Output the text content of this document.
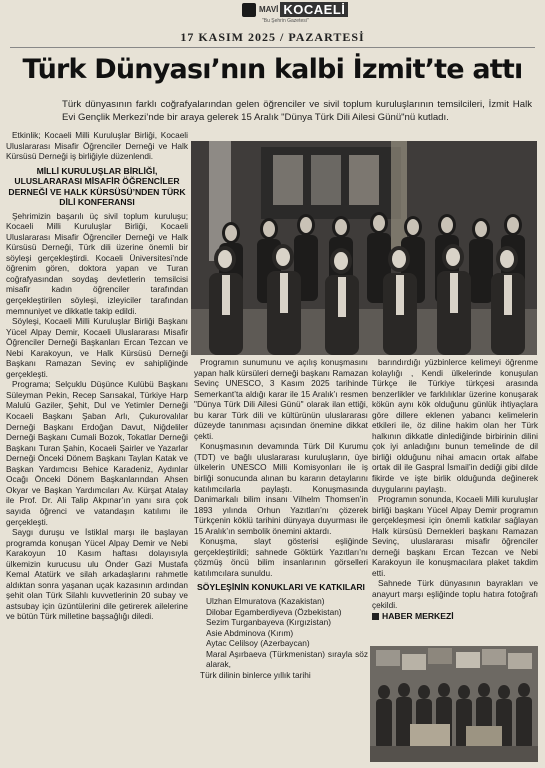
MAVİ KOCAELİ
"Bu Şehrin Gazetesi"
17 KASIM 2025 / PAZARTESİ
Türk Dünyası’nın kalbi İzmit’te attı
Türk dünyasının farklı coğrafyalarından gelen öğrenciler ve sivil toplum kuruluşlarının temsilcileri, İzmit Halk Evi Gençlik Merkezi’nde bir araya gelerek 15 Aralık "Dünya Türk Dili Ailesi Günü"nü kutladı.

Etkinlik; Kocaeli Milli Kuruluşlar Birliği, Kocaeli Uluslararası Misafir Öğrenciler Derneği ve Halk Kürsüsü Derneği iş birliğiyle düzenlendi.

MİLLİ KURULUŞLAR BİRLİĞİ, ULUSLARARASI MİSAFİR ÖĞRENCİLER DERNEĞİ VE HALK KÜRSÜSÜ’NDEN TÜRK DİLİ KONFERANSI

Şehrimizin başarılı üç sivil toplum kuruluşu; Kocaeli Milli Kuruluşlar Birliği, Kocaeli Uluslararası Misafir Öğrenciler Derneği ve Halk Kürsüsü Derneği, Türk dili üzerine önemli bir söyleşi gerçekleştirdi. Kocaeli Üniversitesi’nde öğrenim gören, doktora yapan ve Turan coğrafyasından soydaş devletlerin temsilcisi misafir kadın öğrenciler tarafından gerçekleştirilen söyleşi, izleyiciler tarafından memnuniyet ve dikkatle takip edildi.

Söyleşi, Kocaeli Milli Kuruluşlar Birliği Başkanı Yücel Alpay Demir, Kocaeli Uluslararası Misafir Öğrenciler Derneği Başkanları Ercan Tezcan ve Nebi Karakoyun, ve Halk Kürsüsü Derneği Başkanı Ramazan Sevinç ev sahipliğinde gerçekleşti.

Programa; Selçuklu Düşünce Kulübü Başkanı Süleyman Pekin, Recep Sarısakal, Türkiye Harp Malulü Gaziler, Şehit, Dul ve Yetimler Derneği Kocaeli Başkanı Şaban Arlı, Çukurovalılar Derneği Başkanı Erdoğan Davut, Niğdeliler Derneği Başkanı Cumali Bozok, Tokatlar Derneği Başkanı Turan Şahin, Kocaeli Şairler ve Yazarlar Derneği Önceki Dönem Başkanı Taylan Katak ve Başkan Yardımcısı Behice Karadeniz, Aydınlar Ocağı Önceki Dönem Başkanlarından Ahsen Okyar ve Başkan Yardımcıları Av. Kürşat Atalay ile Prof. Dr. Ali Talip Akpınar’ın yanı sıra çok sayıda öğrenci ve vatandaşın katılımı ile gerçekleşti.

Saygı duruşu ve İstiklal marşı ile başlayan programda konuşan Yücel Alpay Demir ve Nebi Karakoyun 10 Kasım haftası dolayısıyla ülkemizin kurucusu ulu Önder Gazi Mustafa Kemal Atatürk ve silah arkadaşlarını rahmetle aldıktan sonra yaşanan uçak kazasının ardından şehit olan Türk Silahlı kuvvetlerinin 20 subay ve astsubay için üzüntülerini dile getirerek ailelerine ve bütün Türk milletine başsağlığı diledi.

Programın sunumunu ve açılış konuşmasını yapan halk kürsüleri derneği başkanı Ramazan Sevinç UNESCO, 3 Kasım 2025 tarihinde Semerkant’ta aldığı karar ile 15 Aralık’ı resmen "Dünya Türk Dili Ailesi Günü" olarak ilan ettiği, bu karar Türk dili ve kültürünün uluslararası düzeyde tanınması açısından önemine dikkat çekti.

Konuşmasının devamında Türk Dil Kurumu (TDT) ve bağlı uluslararası kuruluşların, üye ülkelerin UNESCO Milli Komisyonları ile iş birliği sonucunda alınan bu kararın detaylarını katılımcılarla paylaştı. Konuşmasında Danimarkalı bilim insanı Vilhelm Thomsen’in 1893 yılında Orhun Yazıtları’nı çözerek Türkçenin köklü tarihini dünyaya duyurması ile 15 Aralık’ın sembolik önemini aktardı.

Konuşma, slayt gösterisi eşliğinde gerçekleştirildi; sahnede Göktürk Yazıtları’nı çözmüş öncü bilim insanlarının görselleri katılımcılara sunuldu.

SÖYLEŞİNİN KONUKLARI VE KATKILARI

Ulzhan Elmuratova (Kazakistan)

Dilobar Egamberdiyeva (Özbekistan)

Sezim Turganbayeva (Kırgızistan)

Asie Abdminova (Kırım)

Aytac Celilsoy (Azerbaycan)

Maral Aşırbaeva (Türkmenistan) sırayla söz alarak,

Türk dilinin binlerce yıllık tarihi

barındırdığı yüzbinlerce kelimeyi öğrenme kolaylığı , Kendi ülkelerinde konuşulan Türkçe ile Türkiye türkçesi arasında benzerlikler ve farklılıklar üzerine konuşarak kökün aynı kök olduğunu günlük ihtiyaçlara göre dillere eklenen yabancı kelimelerin etkileri ile, öz diline hakim olan her Türk halkının dikkatle dinlediğinde birbirinin dilini çok iyi anladığını bunun temelinde de dil birliği olduğunu nihai amacın ortak alfabe ortak dil ile Gaspral İsmail’in dediği gibi dilde fikirde ve işte birlik olduğunda değinerek duygularını paylaştı.

Programın sonunda, Kocaeli Milli kuruluşlar birliği başkanı Yücel Alpay Demir programın gerçekleşmesi için önemli katkılar sağlayan Halk kürsüsü Dernekleri başkanı Ramazan Sevinç, uluslararası misafir öğrenciler derneği başkanı Ercan Tezcan ve Nebi Karakoyun ile konuşmacılara plaket takdim etti.

Sahnede Türk dünyasının bayrakları ve anayurt marşı eşliğinde toplu hatıra fotoğrafı çekildi.

HABER MERKEZİ
